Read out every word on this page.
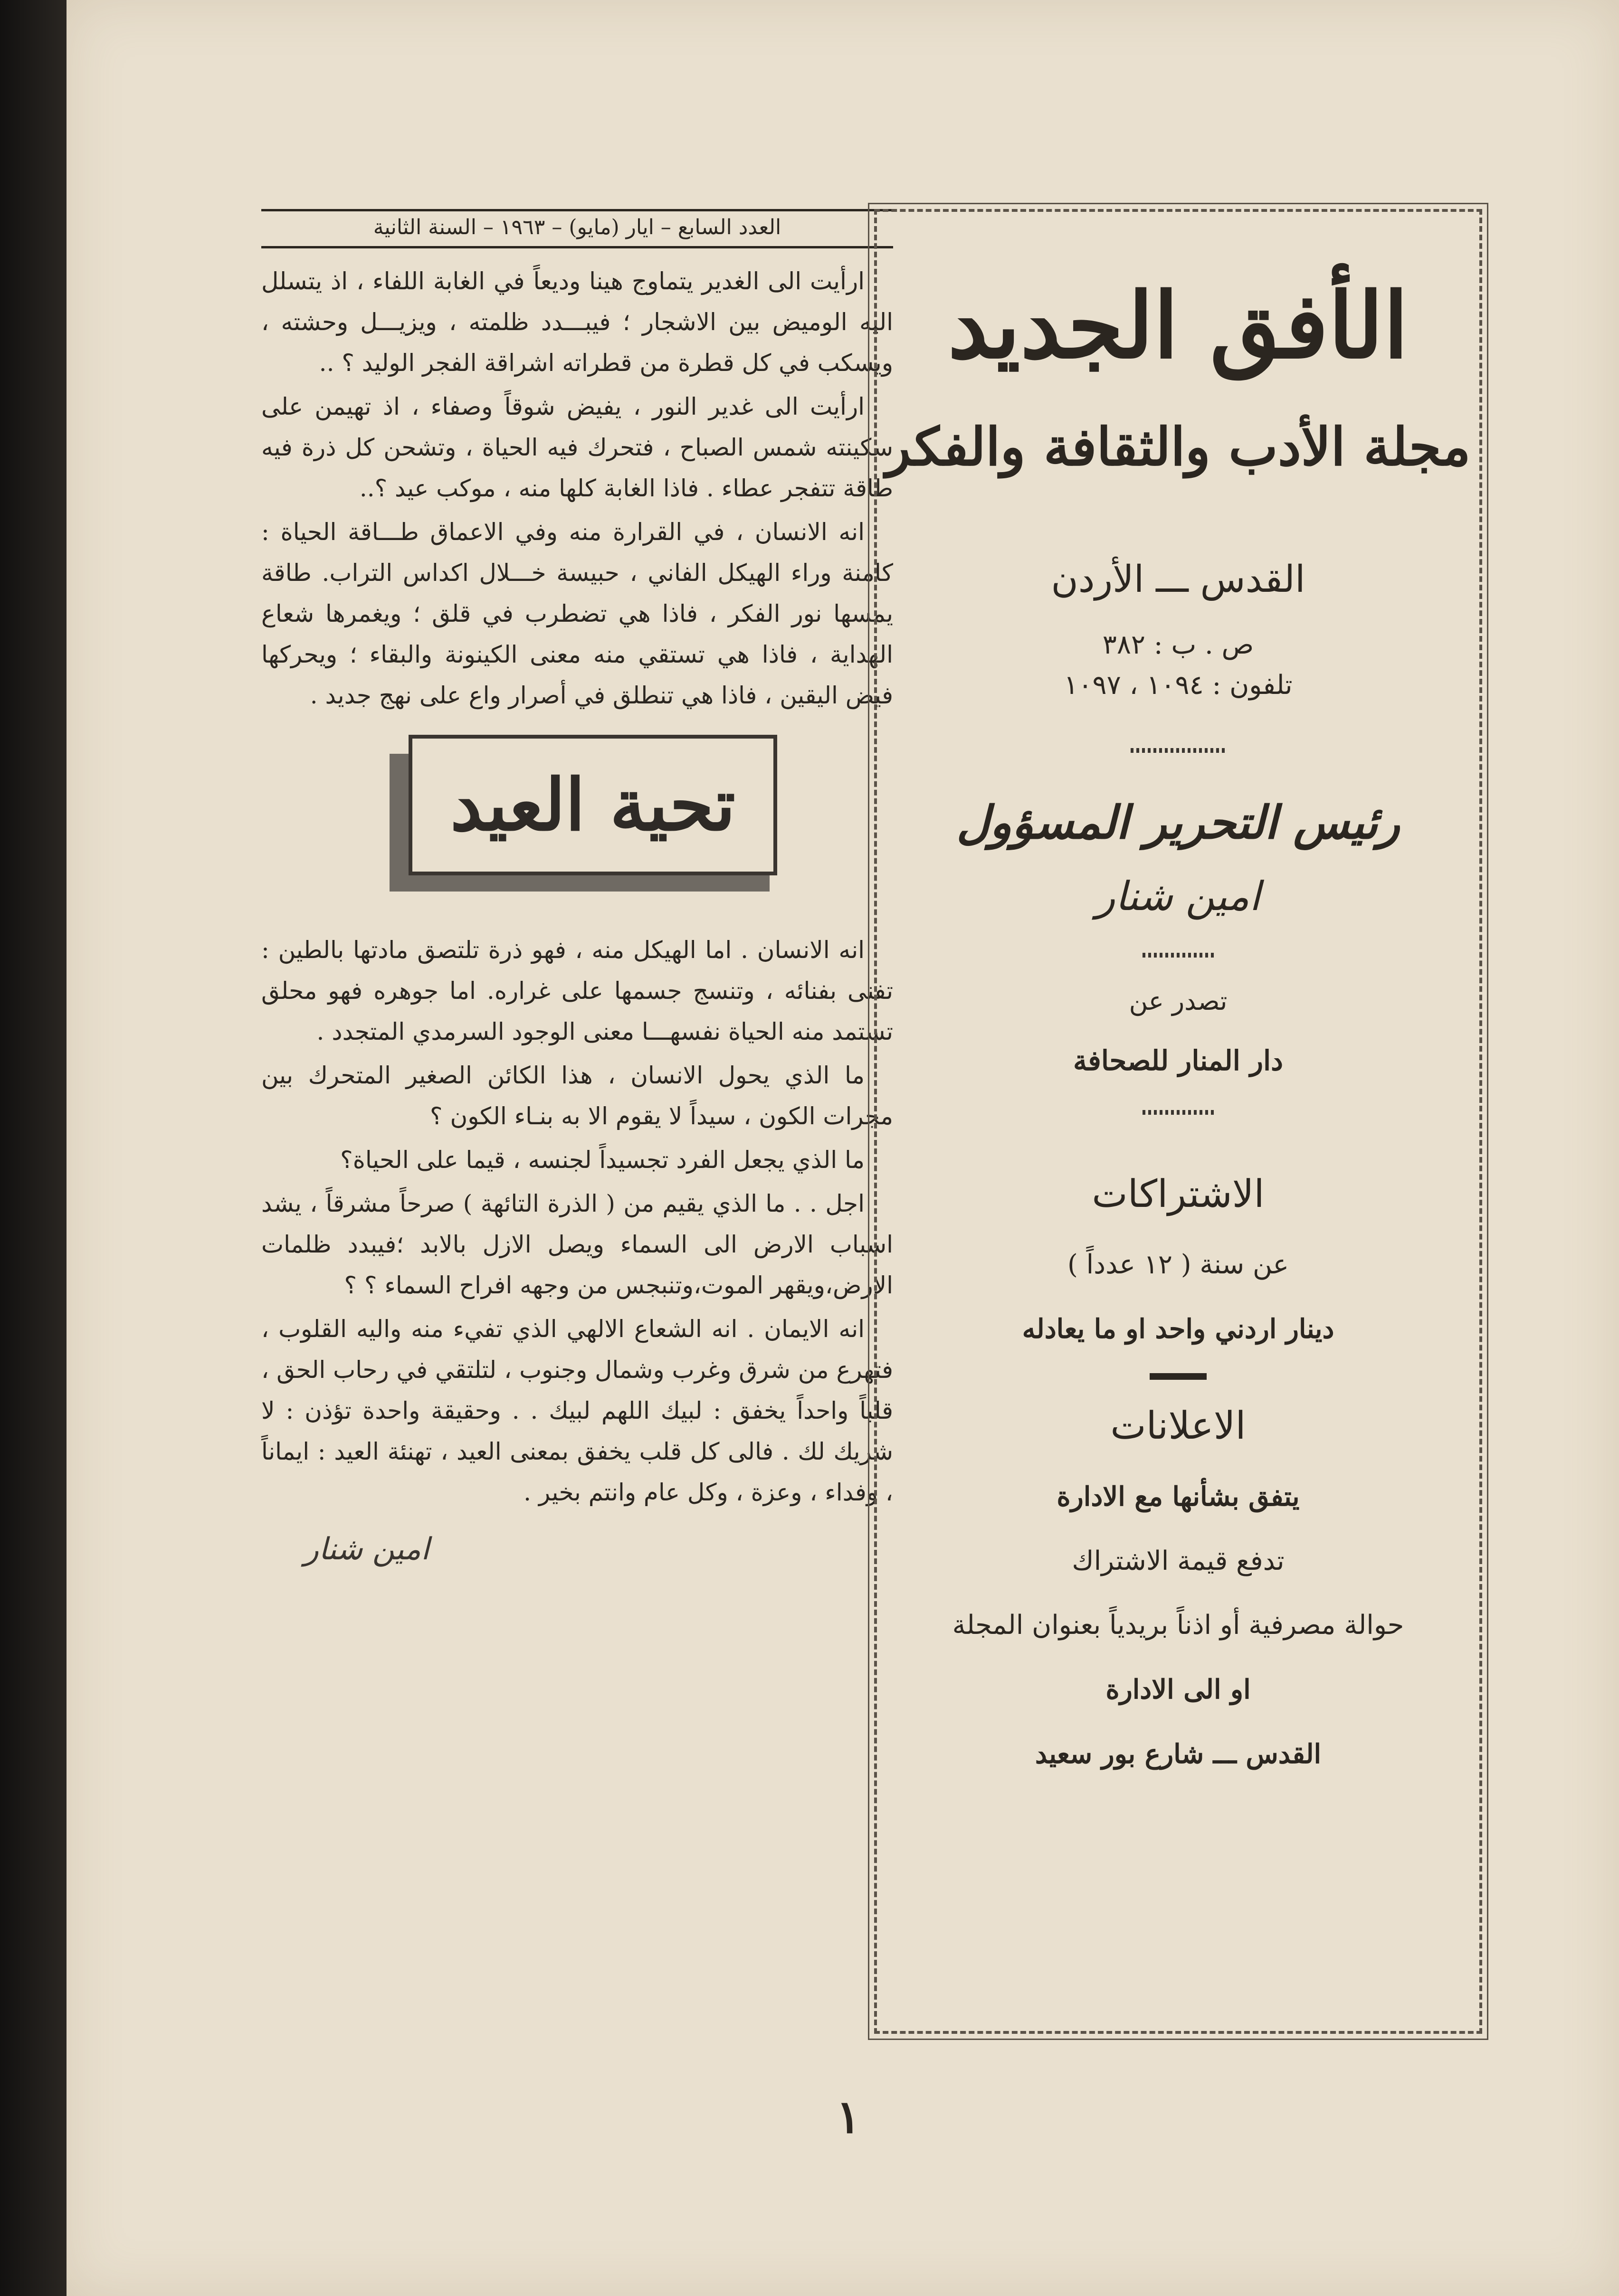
العدد السابع – ايار (مايو) – ١٩٦٣ – السنة الثانية

ارأيت الى الغدير يتماوج هينا وديعاً في الغابة اللفاء ، اذ يتسلل اليه الوميض بين الاشجار ؛ فيبـــدد ظلمته ، ويزيـــل وحشته ، ويسكب في كل قطرة من قطراته اشراقة الفجر الوليد ؟ ..

ارأيت الى غدير النور ، يفيض شوقاً وصفاء ، اذ تهيمن على سكينته شمس الصباح ، فتحرك فيه الحياة ، وتشحن كل ذرة فيه طاقة تتفجر عطاء . فاذا الغابة كلها منه ، موكب عيد ؟..

انه الانسان ، في القرارة منه وفي الاعماق طـــاقة الحياة : كامنة وراء الهيكل الفاني ، حبيسة خـــلال اكداس التراب. طاقة يمسها نور الفكر ، فاذا هي تضطرب في قلق ؛ ويغمرها شعاع الهداية ، فاذا هي تستقي منه معنى الكينونة والبقاء ؛ ويحركها فيض اليقين ، فاذا هي تنطلق في أصرار واع على نهج جديد .

تحية العيد

انه الانسان . اما الهيكل منه ، فهو ذرة تلتصق مادتها بالطين : تفنى بفنائه ، وتنسج جسمها على غراره. اما جوهره فهو محلق تستمد منه الحياة نفسهـــا معنى الوجود السرمدي المتجدد .

ما الذي يحول الانسان ، هذا الكائن الصغير المتحرك بين مجرات الكون ، سيداً لا يقوم الا به بنـاء الكون ؟

ما الذي يجعل الفرد تجسيداً لجنسه ، قيما على الحياة؟

اجل . . ما الذي يقيم من ( الذرة التائهة ) صرحاً مشرقاً ، يشد اسباب الارض الى السماء ويصل الازل بالابد ؛فيبدد ظلمات الارض،ويقهر الموت،وتنبجس من وجهه افراح السماء ؟ ؟

انه الايمان . انه الشعاع الالهي الذي تفيء منه واليه القلوب ، فتهرع من شرق وغرب وشمال وجنوب ، لتلتقي في رحاب الحق ، قلباً واحداً يخفق : لبيك اللهم لبيك . . وحقيقة واحدة تؤذن : لا شريك لك . فالى كل قلب يخفق بمعنى العيد ، تهنئة العيد : ايماناً ، وفداء ، وعزة ، وكل عام وانتم بخير .

امين شنار
الأفق الجديد
مجلة الأدب والثقافة والفكر
القدس ـــ الأردن
ص . ب : ٣٨٢
تلفون : ١٠٩٤ ، ١٠٩٧
رئيس التحرير المسؤول
امين شنار
تصدر عن
دار المنار للصحافة
الاشتراكات
عن سنة ( ١٢ عدداً )
دينار اردني واحد او ما يعادله
الاعلانات
يتفق بشأنها مع الادارة
تدفع قيمة الاشتراك
حوالة مصرفية أو اذناً بريدياً بعنوان المجلة
او الى الادارة
القدس ـــ شارع بور سعيد
١
